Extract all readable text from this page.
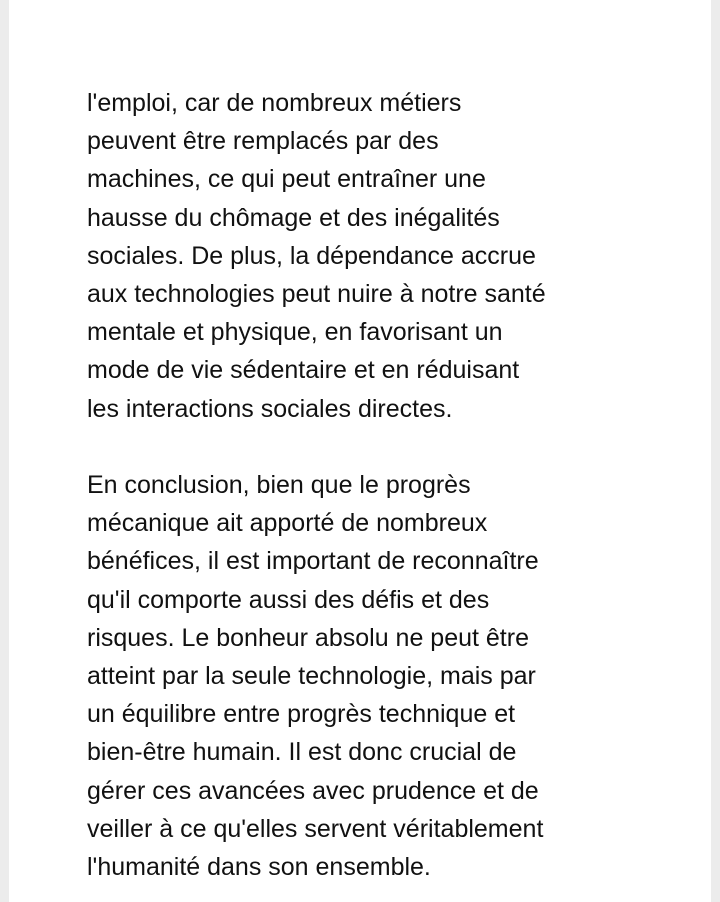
l'emploi, car de nombreux métiers
peuvent être remplacés par des
machines, ce qui peut entraîner une
hausse du chômage et des inégalités
sociales. De plus, la dépendance accrue
aux technologies peut nuire à notre santé
mentale et physique, en favorisant un
mode de vie sédentaire et en réduisant
les interactions sociales directes.

En conclusion, bien que le progrès
mécanique ait apporté de nombreux
bénéfices, il est important de reconnaître
qu'il comporte aussi des défis et des
risques. Le bonheur absolu ne peut être
atteint par la seule technologie, mais par
un équilibre entre progrès technique et
bien-être humain. Il est donc crucial de
gérer ces avancées avec prudence et de
veiller à ce qu'elles servent véritablement
l'humanité dans son ensemble.
